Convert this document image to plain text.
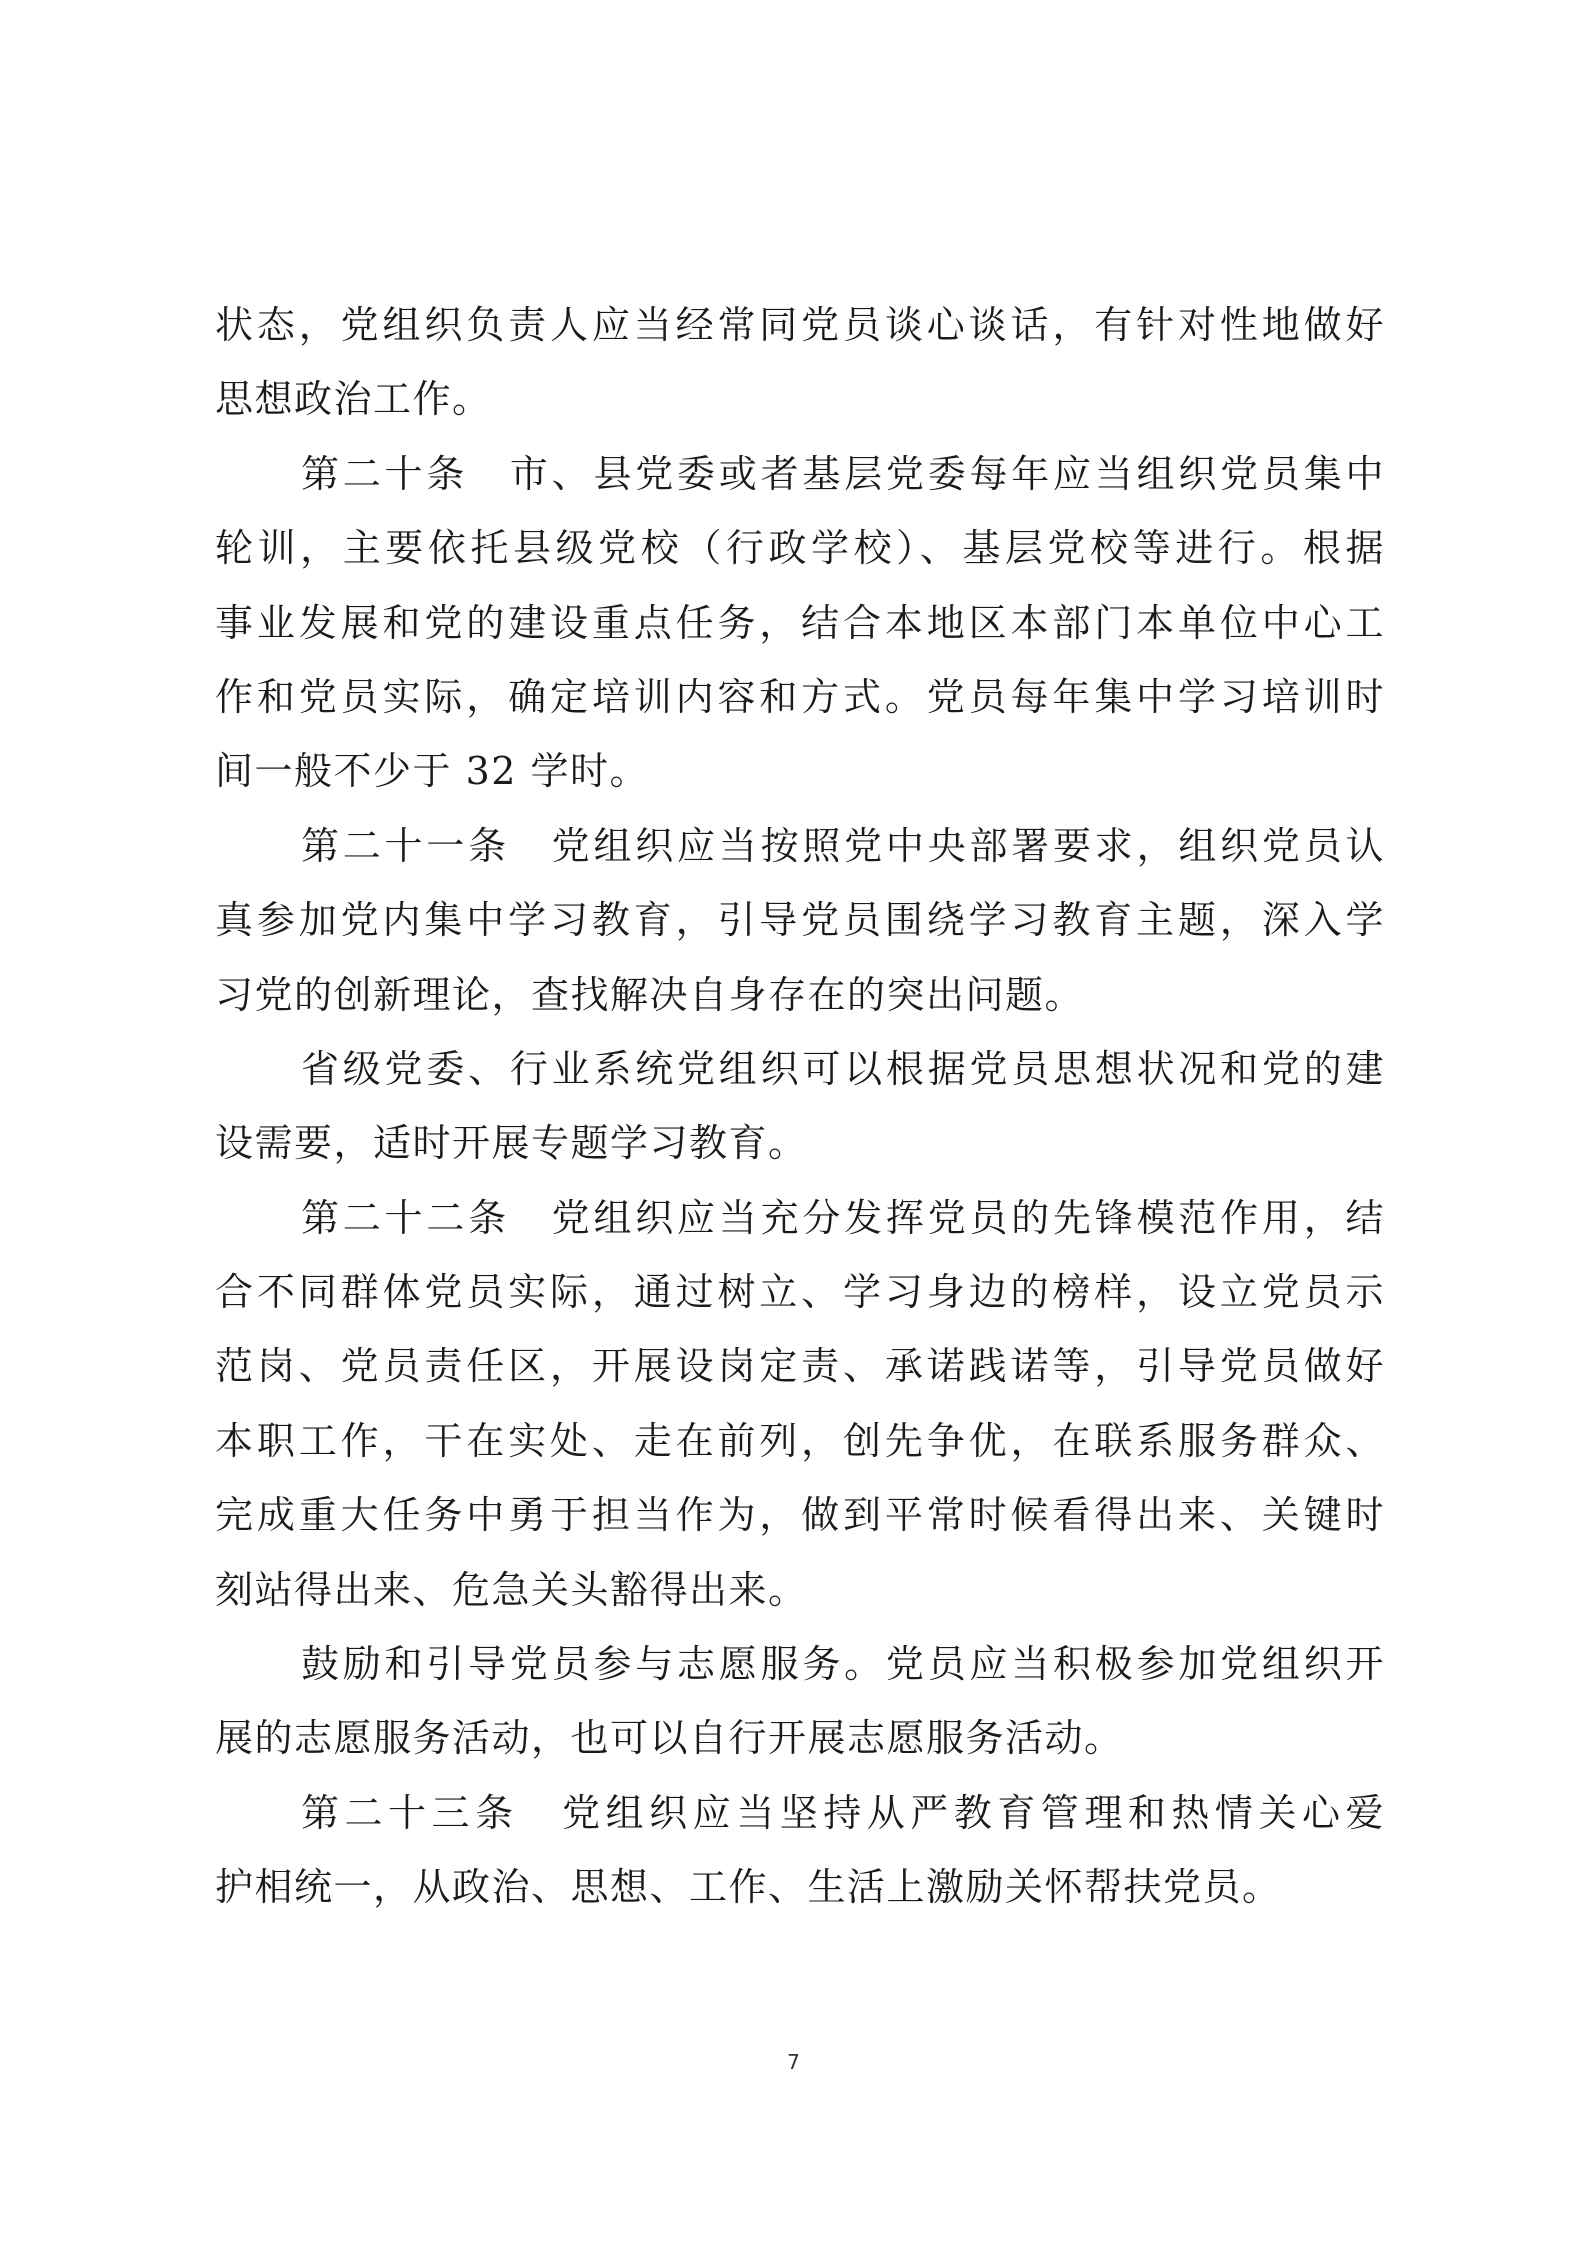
状态，党组织负责人应当经常同党员谈心谈话，有针对性地做好
思想政治工作。
第二十条　市、县党委或者基层党委每年应当组织党员集中
轮训，主要依托县级党校（行政学校）、基层党校等进行。根据
事业发展和党的建设重点任务，结合本地区本部门本单位中心工
作和党员实际，确定培训内容和方式。党员每年集中学习培训时
间一般不少于 32 学时。
第二十一条　党组织应当按照党中央部署要求，组织党员认
真参加党内集中学习教育，引导党员围绕学习教育主题，深入学
习党的创新理论，查找解决自身存在的突出问题。
省级党委、行业系统党组织可以根据党员思想状况和党的建
设需要，适时开展专题学习教育。
第二十二条　党组织应当充分发挥党员的先锋模范作用，结
合不同群体党员实际，通过树立、学习身边的榜样，设立党员示
范岗、党员责任区，开展设岗定责、承诺践诺等，引导党员做好
本职工作，干在实处、走在前列，创先争优，在联系服务群众、
完成重大任务中勇于担当作为，做到平常时候看得出来、关键时
刻站得出来、危急关头豁得出来。
鼓励和引导党员参与志愿服务。党员应当积极参加党组织开
展的志愿服务活动，也可以自行开展志愿服务活动。
第二十三条　党组织应当坚持从严教育管理和热情关心爱
护相统一，从政治、思想、工作、生活上激励关怀帮扶党员。
7
